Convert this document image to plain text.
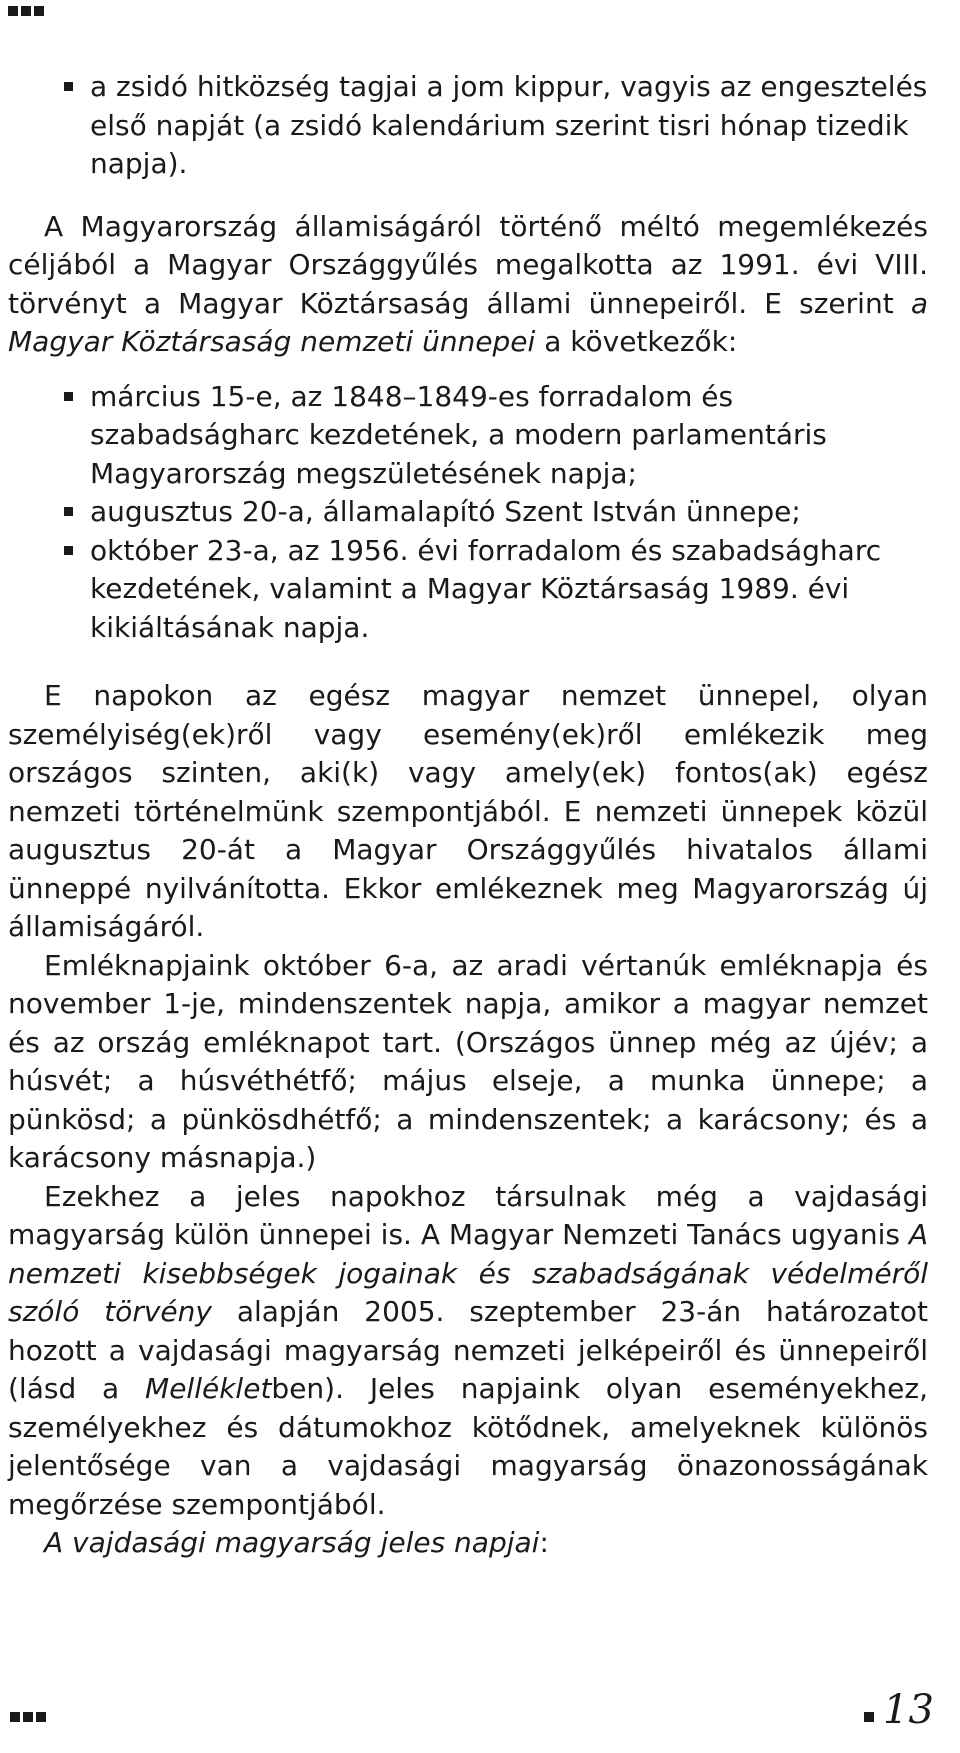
a zsidó hitközség tagjai a jom kippur, vagyis az engesztelés első napját (a zsidó kalendárium szerint tisri hónap tizedik napja).

A Magyarország államiságáról történő méltó megemlékezés céljából a Magyar Országgyűlés megalkotta az 1991. évi VIII. törvényt a Magyar Köztársaság állami ünnepeiről. E szerint a Magyar Köztársaság nemzeti ünnepei a következők:

március 15-e, az 1848–1849-es forradalom és szabadságharc kezdetének, a modern parlamentáris Magyarország megszületésének napja;
augusztus 20-a, államalapító Szent István ünnepe;
október 23-a, az 1956. évi forradalom és szabadságharc kezdetének, valamint a Magyar Köztársaság 1989. évi kikiáltásának napja.

E napokon az egész magyar nemzet ünnepel, olyan személyiség(ek)ről vagy esemény(ek)ről emlékezik meg országos szinten, aki(k) vagy amely(ek) fontos(ak) egész nemzeti történelmünk szempontjából. E nemzeti ünnepek közül augusztus 20-át a Magyar Országgyűlés hivatalos állami ünneppé nyilvánította. Ekkor emlékeznek meg Magyarország új államiságáról.

Emléknapjaink október 6-a, az aradi vértanúk emléknapja és november 1-je, mindenszentek napja, amikor a magyar nemzet és az ország emléknapot tart. (Országos ünnep még az újév; a húsvét; a húsvéthétfő; május elseje, a munka ünnepe; a pünkösd; a pünkösdhétfő; a mindenszentek; a karácsony; és a karácsony másnapja.)

Ezekhez a jeles napokhoz társulnak még a vajdasági magyarság külön ünnepei is. A Magyar Nemzeti Tanács ugyanis A nemzeti kisebbségek jogainak és szabadságának védelméről szóló törvény alapján 2005. szeptember 23-án határozatot hozott a vajdasági magyarság nemzeti jelképeiről és ünnepeiről (lásd a Mellékletben). Jeles napjaink olyan eseményekhez, személyekhez és dátumokhoz kötődnek, amelyeknek különös jelentősége van a vajdasági magyarság önazonosságának megőrzése szempontjából.

A vajdasági magyarság jeles napjai:

13
